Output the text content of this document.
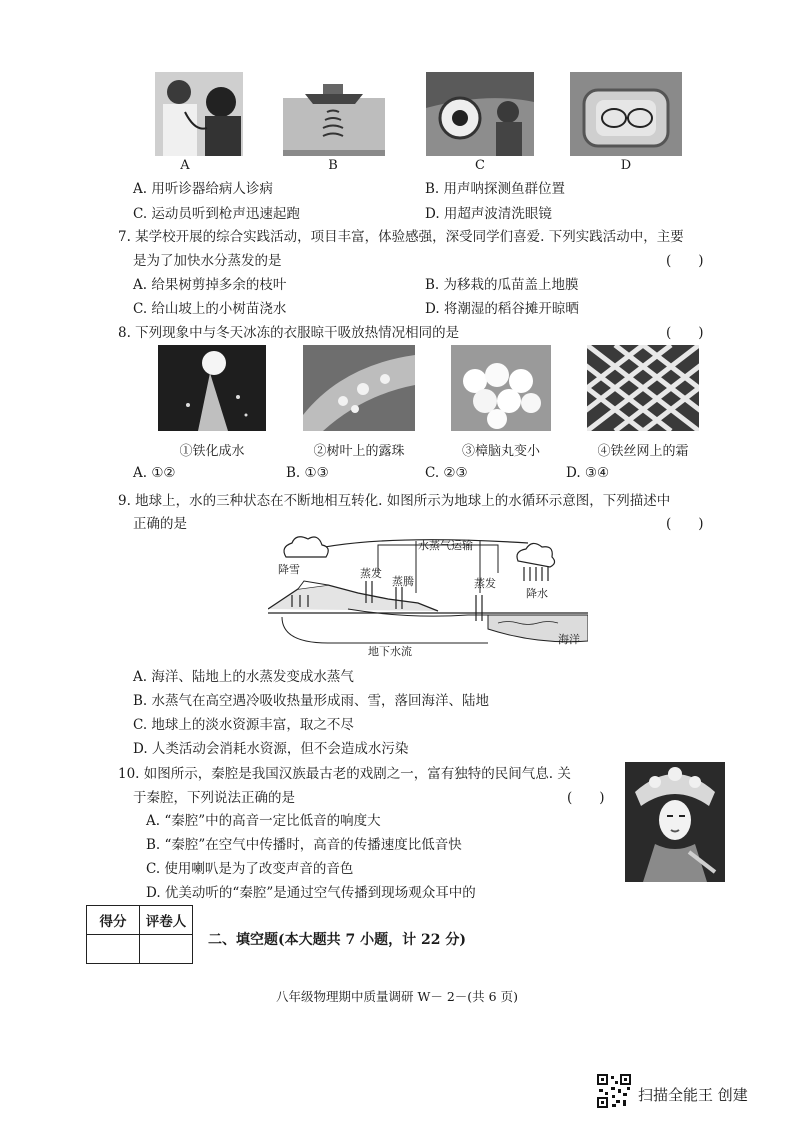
A	B	C	D
A. 用听诊器给病人诊病	B. 用声呐探测鱼群位置
C. 运动员听到枪声迅速起跑	D. 用超声波清洗眼镜
7. 某学校开展的综合实践活动，项目丰富，体验感强，深受同学们喜爱. 下列实践活动中，主要
是为了加快水分蒸发的是	(　　)
A. 给果树剪掉多余的枝叶	B. 为移栽的瓜苗盖上地膜
C. 给山坡上的小树苗浇水	D. 将潮湿的稻谷摊开晾晒
8. 下列现象中与冬天冰冻的衣服晾干吸放热情况相同的是	(　　)
①铁化成水	②树叶上的露珠	③樟脑丸变小	④铁丝网上的霜
A. ①②	B. ①③	C. ②③	D. ③④
9. 地球上，水的三种状态在不断地相互转化. 如图所示为地球上的水循环示意图，下列描述中
正确的是	(　　)
水蒸气运输
降雪	蒸发
蒸腾	蒸发
降水
地下水流
海洋
A. 海洋、陆地上的水蒸发变成水蒸气
B. 水蒸气在高空遇冷吸收热量形成雨、雪，落回海洋、陆地
C. 地球上的淡水资源丰富，取之不尽
D. 人类活动会消耗水资源，但不会造成水污染
10. 如图所示，秦腔是我国汉族最古老的戏剧之一，富有独特的民间气息. 关
于秦腔，下列说法正确的是	(　　)
A. “秦腔”中的高音一定比低音的响度大
B. “秦腔”在空气中传播时，高音的传播速度比低音快
C. 使用喇叭是为了改变声音的音色
D. 优美动听的“秦腔”是通过空气传播到现场观众耳中的
得分	评卷人

二、填空题(本大题共 7 小题，计 22 分)
八年级物理期中质量调研 W－ 2－(共 6 页)
扫描全能王 创建
